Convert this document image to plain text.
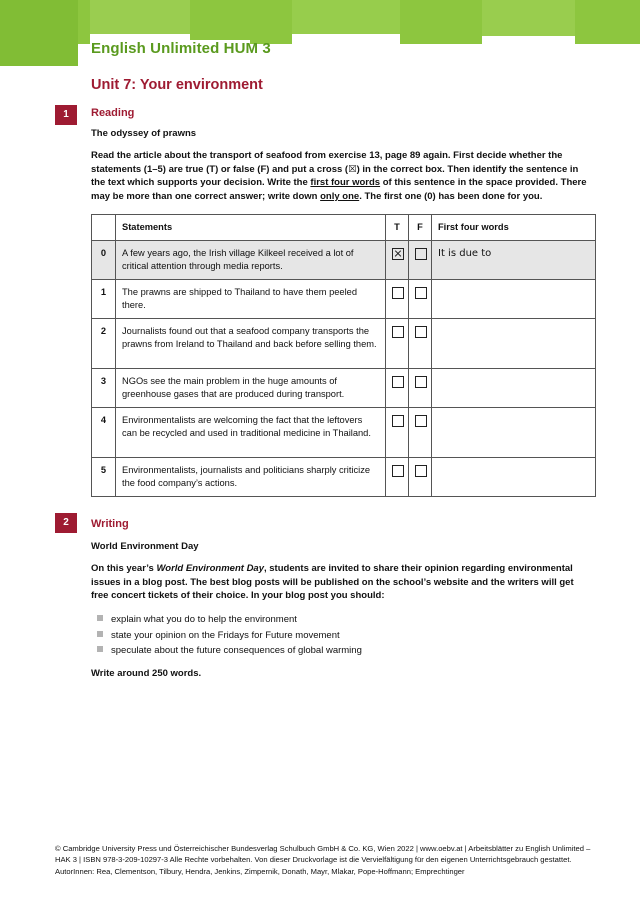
English Unlimited HUM 3
Unit 7: Your environment
1	Reading
The odyssey of prawns
Read the article about the transport of seafood from exercise 13, page 89 again. First decide whether the statements (1–5) are true (T) or false (F) and put a cross (☒) in the correct box. Then identify the sentence in the text which supports your decision. Write the first four words of this sentence in the space provided. There may be more than one correct answer; write down only one. The first one (0) has been done for you.
	Statements	T	F	First four words
0	A few years ago, the Irish village Kilkeel received a lot of critical attention through media reports.			It is due to
1	The prawns are shipped to Thailand to have them peeled there.			
2	Journalists found out that a seafood company transports the prawns from Ireland to Thailand and back before selling them.			
3	NGOs see the main problem in the huge amounts of greenhouse gases that are produced during transport.			
4	Environmentalists are welcoming the fact that the leftovers can be recycled and used in traditional medicine in Thailand.			
5	Environmentalists, journalists and politicians sharply criticize the food company’s actions.			
2	Writing
World Environment Day
On this year’s World Environment Day, students are invited to share their opinion regarding environmental issues in a blog post. The best blog posts will be published on the school’s website and the writers will get free concert tickets of their choice. In your blog post you should:
explain what you do to help the environment
state your opinion on the Fridays for Future movement
speculate about the future consequences of global warming
Write around 250 words.
© Cambridge University Press und Österreichischer Bundesverlag Schulbuch GmbH & Co. KG, Wien 2022 | www.oebv.at | Arbeitsblätter zu English Unlimited – HAK 3 | ISBN 978-3-209-10297-3 Alle Rechte vorbehalten. Von dieser Druckvorlage ist die Vervielfältigung für den eigenen Unterrichtsgebrauch gestattet.
AutorInnen: Rea, Clementson, Tilbury, Hendra, Jenkins, Zimpernik, Donath, Mayr, Mlakar, Pope-Hoffmann; Emprechtinger
